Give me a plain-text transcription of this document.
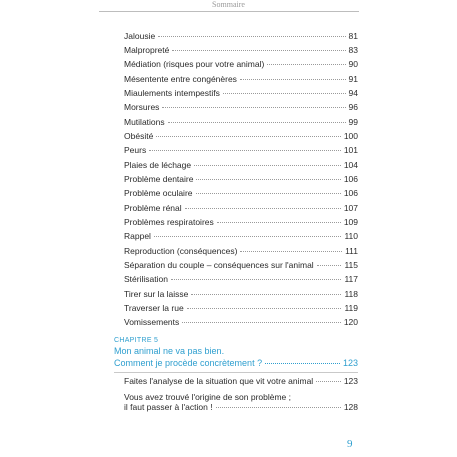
Sommaire
Jalousie	81
Malpropreté	83
Médiation (risques pour votre animal)	90
Mésentente entre congénères	91
Miaulements intempestifs	94
Morsures	96
Mutilations	99
Obésité	100
Peurs	101
Plaies de léchage	104
Problème dentaire	106
Problème oculaire	106
Problème rénal	107
Problèmes respiratoires	109
Rappel	110
Reproduction (conséquences)	111
Séparation du couple – conséquences sur l'animal	115
Stérilisation	117
Tirer sur la laisse	118
Traverser la rue	119
Vomissements	120
CHAPITRE 5
Mon animal ne va pas bien.
Comment je procède concrètement ?	123
Faites l'analyse de la situation que vit votre animal	123
Vous avez trouvé l'origine de son problème ;
il faut passer à l'action !	128
9
